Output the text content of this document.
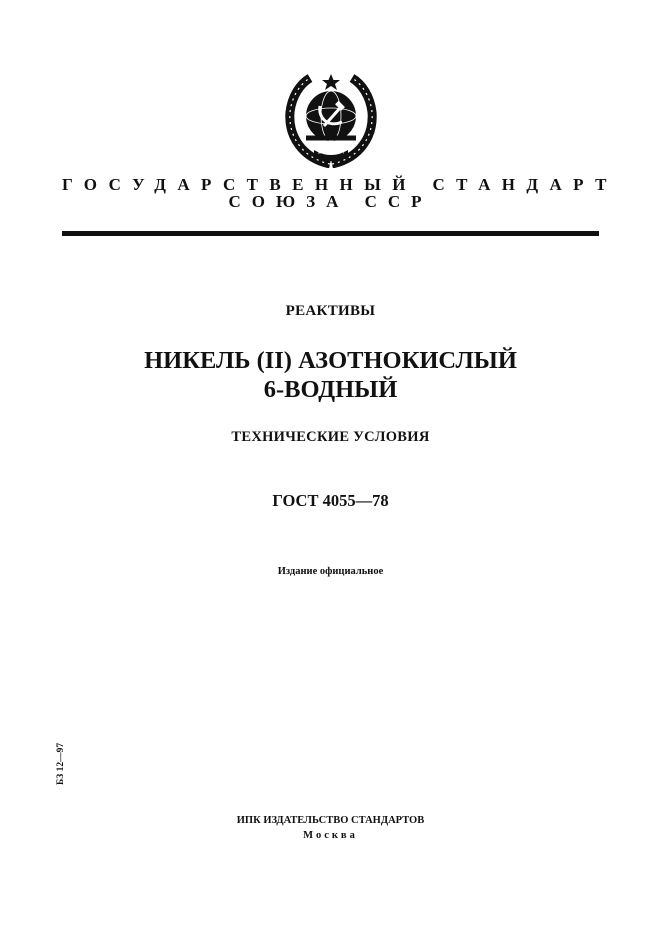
ГОСУДАРСТВЕННЫЙ СТАНДАРТ
СОЮЗА ССР
РЕАКТИВЫ
НИКЕЛЬ (II) АЗОТНОКИСЛЫЙ
6-ВОДНЫЙ
ТЕХНИЧЕСКИЕ УСЛОВИЯ
ГОСТ 4055—78
Издание официальное
БЗ 12—97
ИПК ИЗДАТЕЛЬСТВО СТАНДАРТОВ
Москва
